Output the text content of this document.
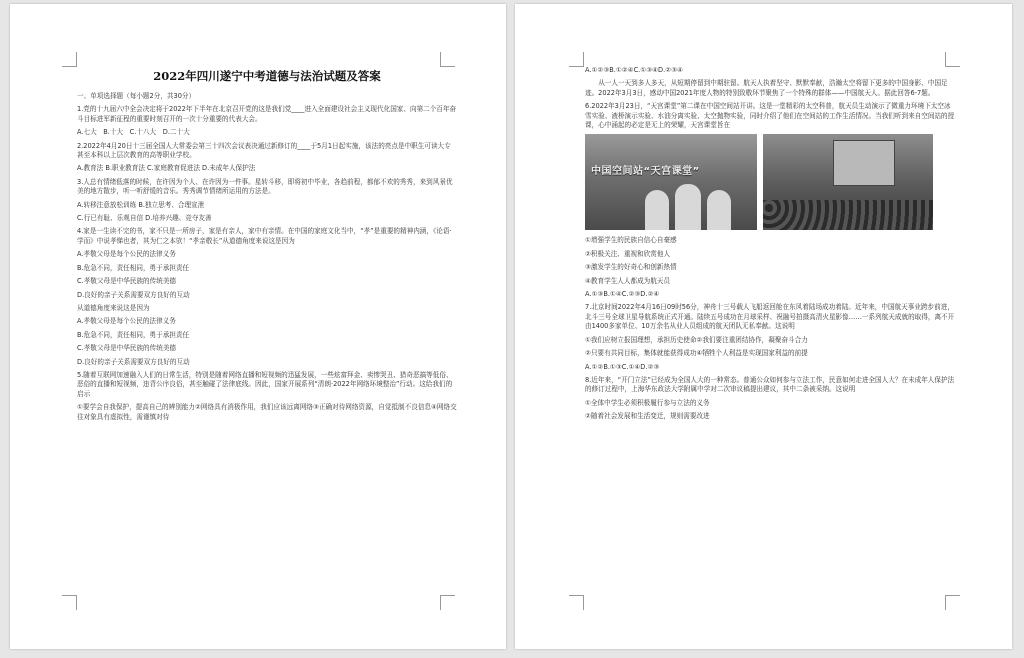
2022年四川遂宁中考道德与法治试题及答案
一、单项选择题（每小题2分，共30分）
1.党的十九届六中全会决定将于2022年下半年在北京召开党的这是我们党____进入全面建设社会主义现代化国家、向第二个百年奋斗目标进军新征程的重要时刻召开的一次十分重要的代表大会。
A.七大　B.十大　C.十八大　D.二十大
2.2022年4月20日十三届全国人大常委会第三十四次会议表决通过新修订的____于5月1日起实施，该法的亮点是中职生可读大专甚至本科以上层次教育的高等职业学校。
A.教育法 B.职业教育法 C.家庭教育促进法 D.未成年人保护法
3.人总有情绪低落的时候，在许因为个人、在许因为一件事。星转斗移，即将初中毕业，各趋前程，都郁不欢的秀秀，来到风景优美的地方散步，听一听舒缓的音乐。秀秀调节情绪所运用的方法是。
A.转移注意放松训练 B.独立思考、合理宣泄
C.行已有耻、乐观自信 D.培养兴趣、竞夺友善
4.家是一生读不完的书，家不只是一所房子，家是有亲人，家中有亲情。在中国的家庭文化当中，“孝”是重要的精神内涵，《论语·学而》中说孝悌也者，其为仁之本欤！“孝亲敬长”从道德角度来说这是因为
A.孝敬父母是每个公民的法律义务
B.危急不同，责任相同，勇于承担责任
C.孝敬父母是中华民族的传统美德
D.良好的亲子关系需要双方良好的互动
从道德角度来说这是因为
A.孝敬父母是每个公民的法律义务
B.危急不同，责任相同，勇于承担责任
C.孝敬父母是中华民族的传统美德
D.良好的亲子关系需要双方良好的互动
5.随着互联网加速融入人们的日常生活，特别是随着网络直播和短视频的迅猛发展，一些炫富拜金、卖惨哭丑、猎奇恶搞等低俗、恶俗的直播和短视频，违背公序良俗，甚至触碰了法律底线。因此，国家开展系列“清朗·2022年网络环境整治”行动。这给我们的启示
①要学会自我保护，提高自己的辨别能力②网络具有消极作用，我们应该远离网络③正确对待网络资源，自觉抵制不良信息④网络交往对象具有虚拟性，需谨慎对待
A.①②③B.①②④C.①③④D.②③④
从一人一天到多人多天，从短期停留到中期驻留。航天人执着坚守、默默奉献，浩瀚太空将留下更多的中国身影、中国足迹。2022年3月3日，感动中国2021年度人物的特别致敬环节聚焦了一个特殊的群体——中国航天人。据此回答6-7题。
6.2022年3月23日，“天宫课堂”第二课在中国空间站开讲。这是一堂精彩的太空科普，航天员生动演示了微重力环境下太空冰雪实验、液桥演示实验、水油分离实验、太空抛物实验，同时介绍了他们在空间站的工作生活情况。当我们听到来自空间站的授课，心中涌起的必定是无上的荣耀，天宫课堂旨在
中国空间站“天宫课堂”
①增强学生的民族自信心自豪感
②积极关注、重视和欣赏他人
③激发学生的好奇心和创新热情
④教育学生人人都成为航天员
A.①③B.①④C.②③D.②④
7.北京时间2022年4月16日09时56分，神舟十三号载人飞船返回舱在东风着陆场成功着陆。近年来，中国航天事业跨步前进，北斗三号全球卫星导航系统正式开通。陆续五号成功在月球采样、祝融号拍摄高清火星影像……一系列航天成就的取得，离不开由1400多家单位、10万余名从业人员组成的航天团队无私奉献。这说明
①我们应树立报国理想，承担历史使命②我们要注重团结协作，凝聚奋斗合力
②只要有共同目标，集体就能获得成功④牺牲个人利益是实现国家利益的前提
A.①②B.①③C.①④D.②③
8.近年来，“开门立法”已经成为全国人大的一种常态。普通公众如何参与立法工作，民意如何走进全国人大？在未成年人保护法的修订过程中，上海华东政法大学附属中学对二次审议稿提出建议，其中二条被采纳。这说明
①全体中学生必须积极履行参与立法的义务
②随着社会发展和生活变迁，规则需要改进
